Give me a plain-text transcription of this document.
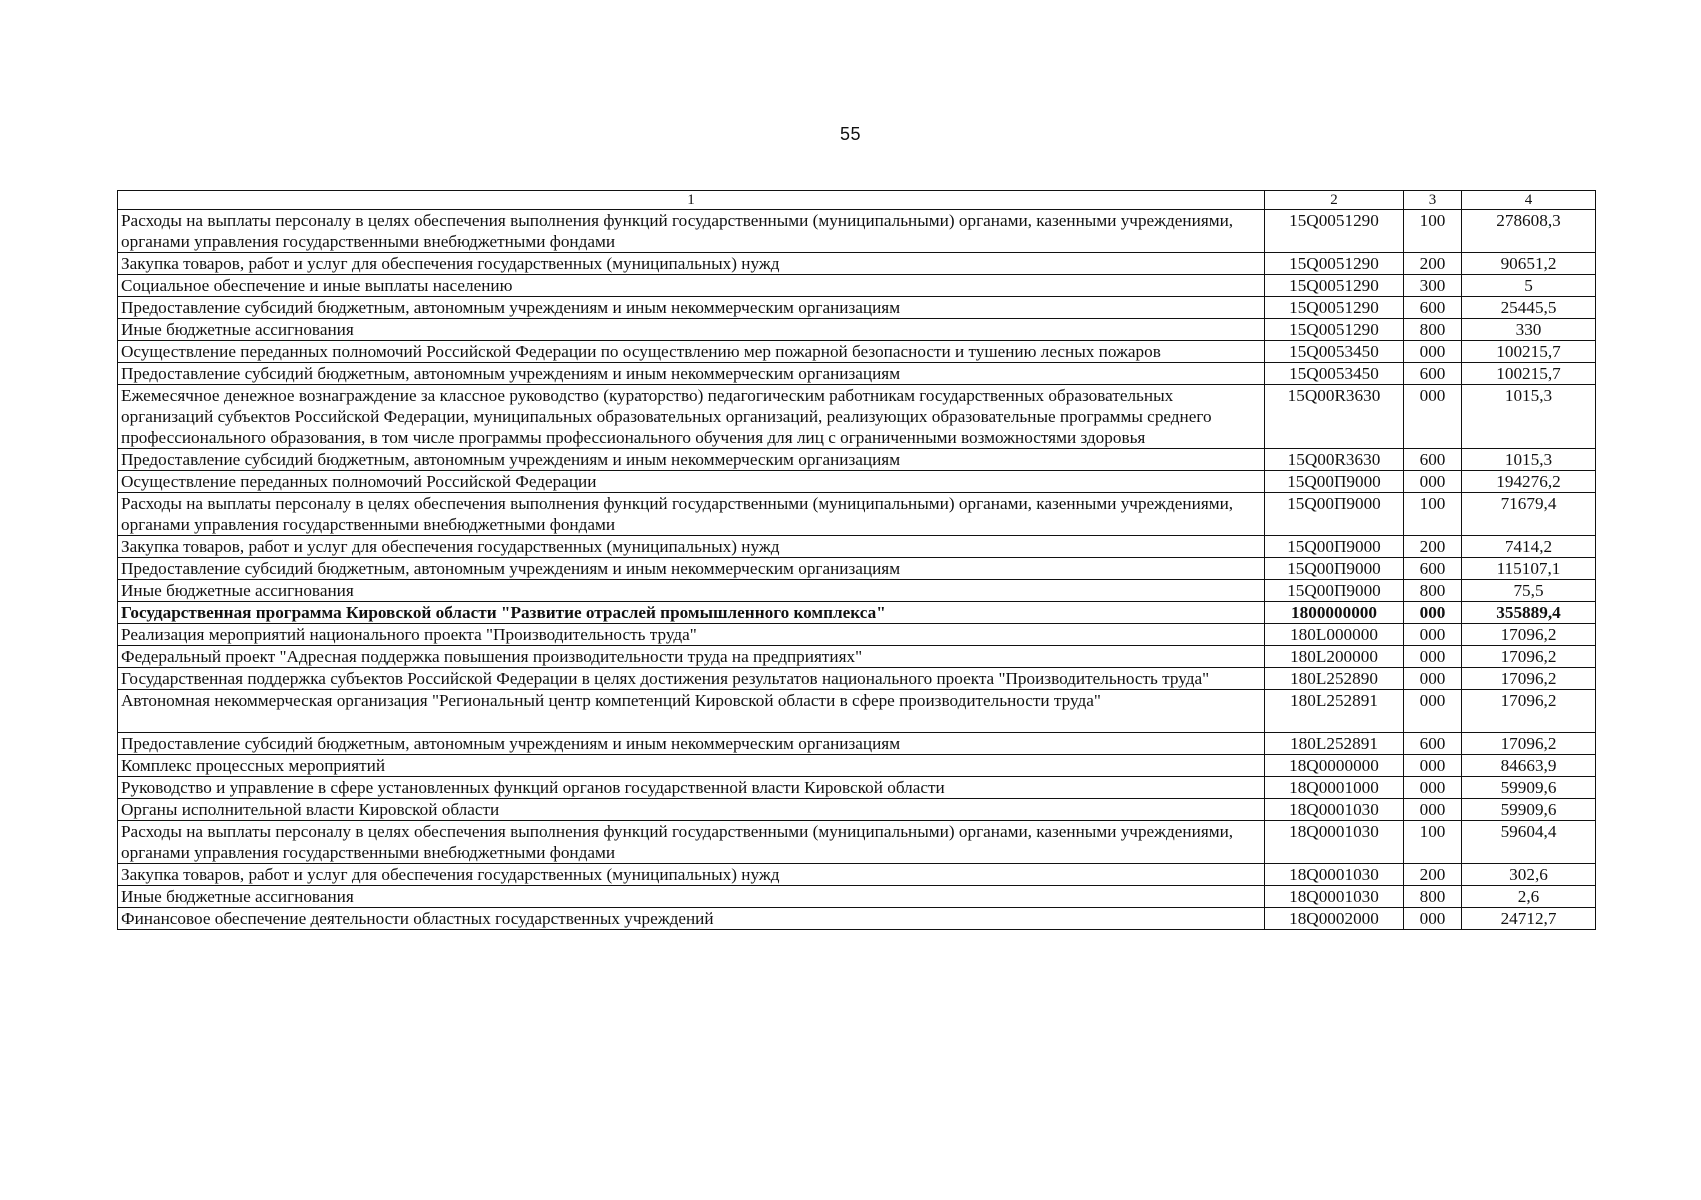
55
1	2	3	4
Расходы на выплаты персоналу в целях обеспечения выполнения функций государственными (муниципальными) органами, казенными учреждениями, органами управления государственными внебюджетными фондами	15Q0051290	100	278608,3
Закупка товаров, работ и услуг для обеспечения государственных (муниципальных) нужд	15Q0051290	200	90651,2
Социальное обеспечение и иные выплаты населению	15Q0051290	300	5
Предоставление субсидий бюджетным, автономным учреждениям и иным некоммерческим организациям	15Q0051290	600	25445,5
Иные бюджетные ассигнования	15Q0051290	800	330
Осуществление переданных полномочий Российской Федерации по осуществлению мер пожарной безопасности и тушению лесных пожаров	15Q0053450	000	100215,7
Предоставление субсидий бюджетным, автономным учреждениям и иным некоммерческим организациям	15Q0053450	600	100215,7
Ежемесячное денежное вознаграждение за классное руководство (кураторство) педагогическим работникам государственных образовательных организаций субъектов Российской Федерации, муниципальных образовательных организаций, реализующих образовательные программы среднего профессионального образования, в том числе программы профессионального обучения для лиц с ограниченными возможностями здоровья	15Q00R3630	000	1015,3
Предоставление субсидий бюджетным, автономным учреждениям и иным некоммерческим организациям	15Q00R3630	600	1015,3
Осуществление переданных полномочий Российской Федерации	15Q00П9000	000	194276,2
Расходы на выплаты персоналу в целях обеспечения выполнения функций государственными (муниципальными) органами, казенными учреждениями, органами управления государственными внебюджетными фондами	15Q00П9000	100	71679,4
Закупка товаров, работ и услуг для обеспечения государственных (муниципальных) нужд	15Q00П9000	200	7414,2
Предоставление субсидий бюджетным, автономным учреждениям и иным некоммерческим организациям	15Q00П9000	600	115107,1
Иные бюджетные ассигнования	15Q00П9000	800	75,5
Государственная программа Кировской области "Развитие отраслей промышленного комплекса"	1800000000	000	355889,4
Реализация мероприятий национального проекта "Производительность труда"	180L000000	000	17096,2
Федеральный проект "Адресная поддержка повышения производительности труда на предприятиях"	180L200000	000	17096,2
Государственная поддержка субъектов Российской Федерации в целях достижения результатов национального проекта "Производительность труда"	180L252890	000	17096,2
Автономная некоммерческая организация "Региональный центр компетенций Кировской области в сфере производительности труда"	180L252891	000	17096,2
Предоставление субсидий бюджетным, автономным учреждениям и иным некоммерческим организациям	180L252891	600	17096,2
Комплекс процессных мероприятий	18Q0000000	000	84663,9
Руководство и управление в сфере установленных функций органов государственной власти Кировской области	18Q0001000	000	59909,6
Органы исполнительной власти Кировской области	18Q0001030	000	59909,6
Расходы на выплаты персоналу в целях обеспечения выполнения функций государственными (муниципальными) органами, казенными учреждениями, органами управления государственными внебюджетными фондами	18Q0001030	100	59604,4
Закупка товаров, работ и услуг для обеспечения государственных (муниципальных) нужд	18Q0001030	200	302,6
Иные бюджетные ассигнования	18Q0001030	800	2,6
Финансовое обеспечение деятельности областных государственных учреждений	18Q0002000	000	24712,7
